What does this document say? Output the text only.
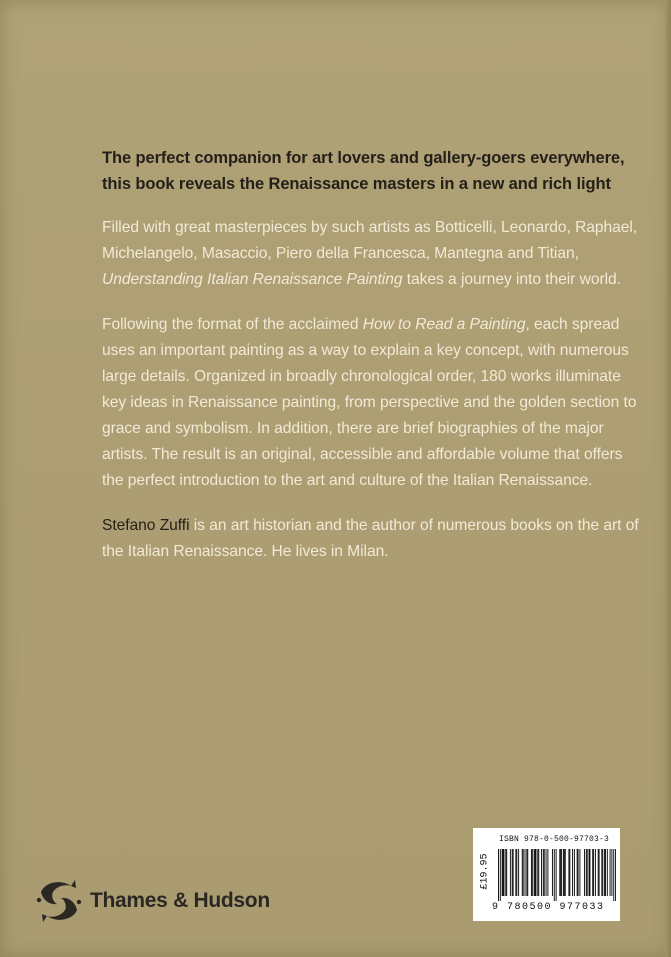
The perfect companion for art lovers and gallery-goers everywhere, this book reveals the Renaissance masters in a new and rich light

Filled with great masterpieces by such artists as Botticelli, Leonardo, Raphael, Michelangelo, Masaccio, Piero della Francesca, Mantegna and Titian, Understanding Italian Renaissance Painting takes a journey into their world.

Following the format of the acclaimed How to Read a Painting, each spread uses an important painting as a way to explain a key concept, with numerous large details. Organized in broadly chronological order, 180 works illuminate key ideas in Renaissance painting, from perspective and the golden section to grace and symbolism. In addition, there are brief biographies of the major artists. The result is an original, accessible and affordable volume that offers the perfect introduction to the art and culture of the Italian Renaissance.

Stefano Zuffi is an art historian and the author of numerous books on the art of the Italian Renaissance. He lives in Milan.

ISBN 978-0-500-97703-3
£19.95
9 780500 977033
Thames & Hudson
